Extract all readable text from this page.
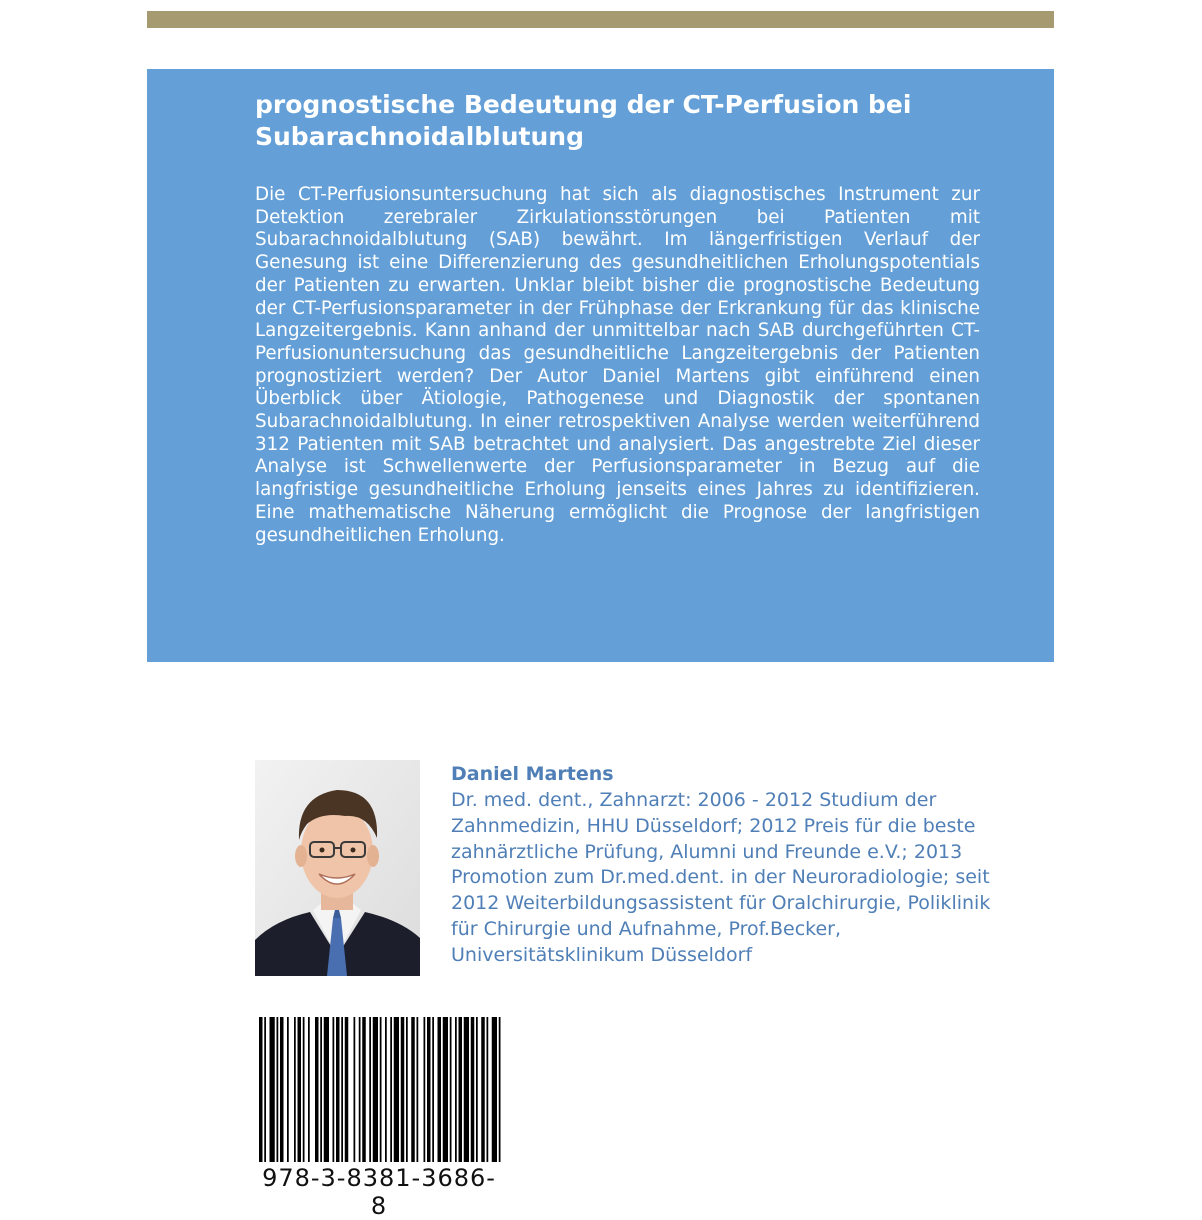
prognostische Bedeutung der CT-Perfusion bei Subarachnoidalblutung

Die CT-Perfusionsuntersuchung hat sich als diagnostisches Instrument zur Detektion zerebraler Zirkulationsstörungen bei Patienten mit Subarachnoidalblutung (SAB) bewährt. Im längerfristigen Verlauf der Genesung ist eine Differenzierung des gesundheitlichen Erholungspotentials der Patienten zu erwarten. Unklar bleibt bisher die prognostische Bedeutung der CT-Perfusionsparameter in der Frühphase der Erkrankung für das klinische Langzeitergebnis. Kann anhand der unmittelbar nach SAB durchgeführten CT-Perfusionuntersuchung das gesundheitliche Langzeitergebnis der Patienten prognostiziert werden? Der Autor Daniel Martens gibt einführend einen Überblick über Ätiologie, Pathogenese und Diagnostik der spontanen Subarachnoidalblutung. In einer retrospektiven Analyse werden weiterführend 312 Patienten mit SAB betrachtet und analysiert. Das angestrebte Ziel dieser Analyse ist Schwellenwerte der Perfusionsparameter in Bezug auf die langfristige gesundheitliche Erholung jenseits eines Jahres zu identifizieren. Eine mathematische Näherung ermöglicht die Prognose der langfristigen gesundheitlichen Erholung.

Daniel Martens

Dr. med. dent., Zahnarzt: 2006 - 2012 Studium der Zahnmedizin, HHU Düsseldorf; 2012 Preis für die beste zahnärztliche Prüfung, Alumni und Freunde e.V.; 2013 Promotion zum Dr.med.dent. in der Neuroradiologie; seit 2012 Weiterbildungsassistent für Oralchirurgie, Poliklinik für Chirurgie und Aufnahme, Prof.Becker, Universitätsklinikum Düsseldorf

978-3-8381-3686-8
